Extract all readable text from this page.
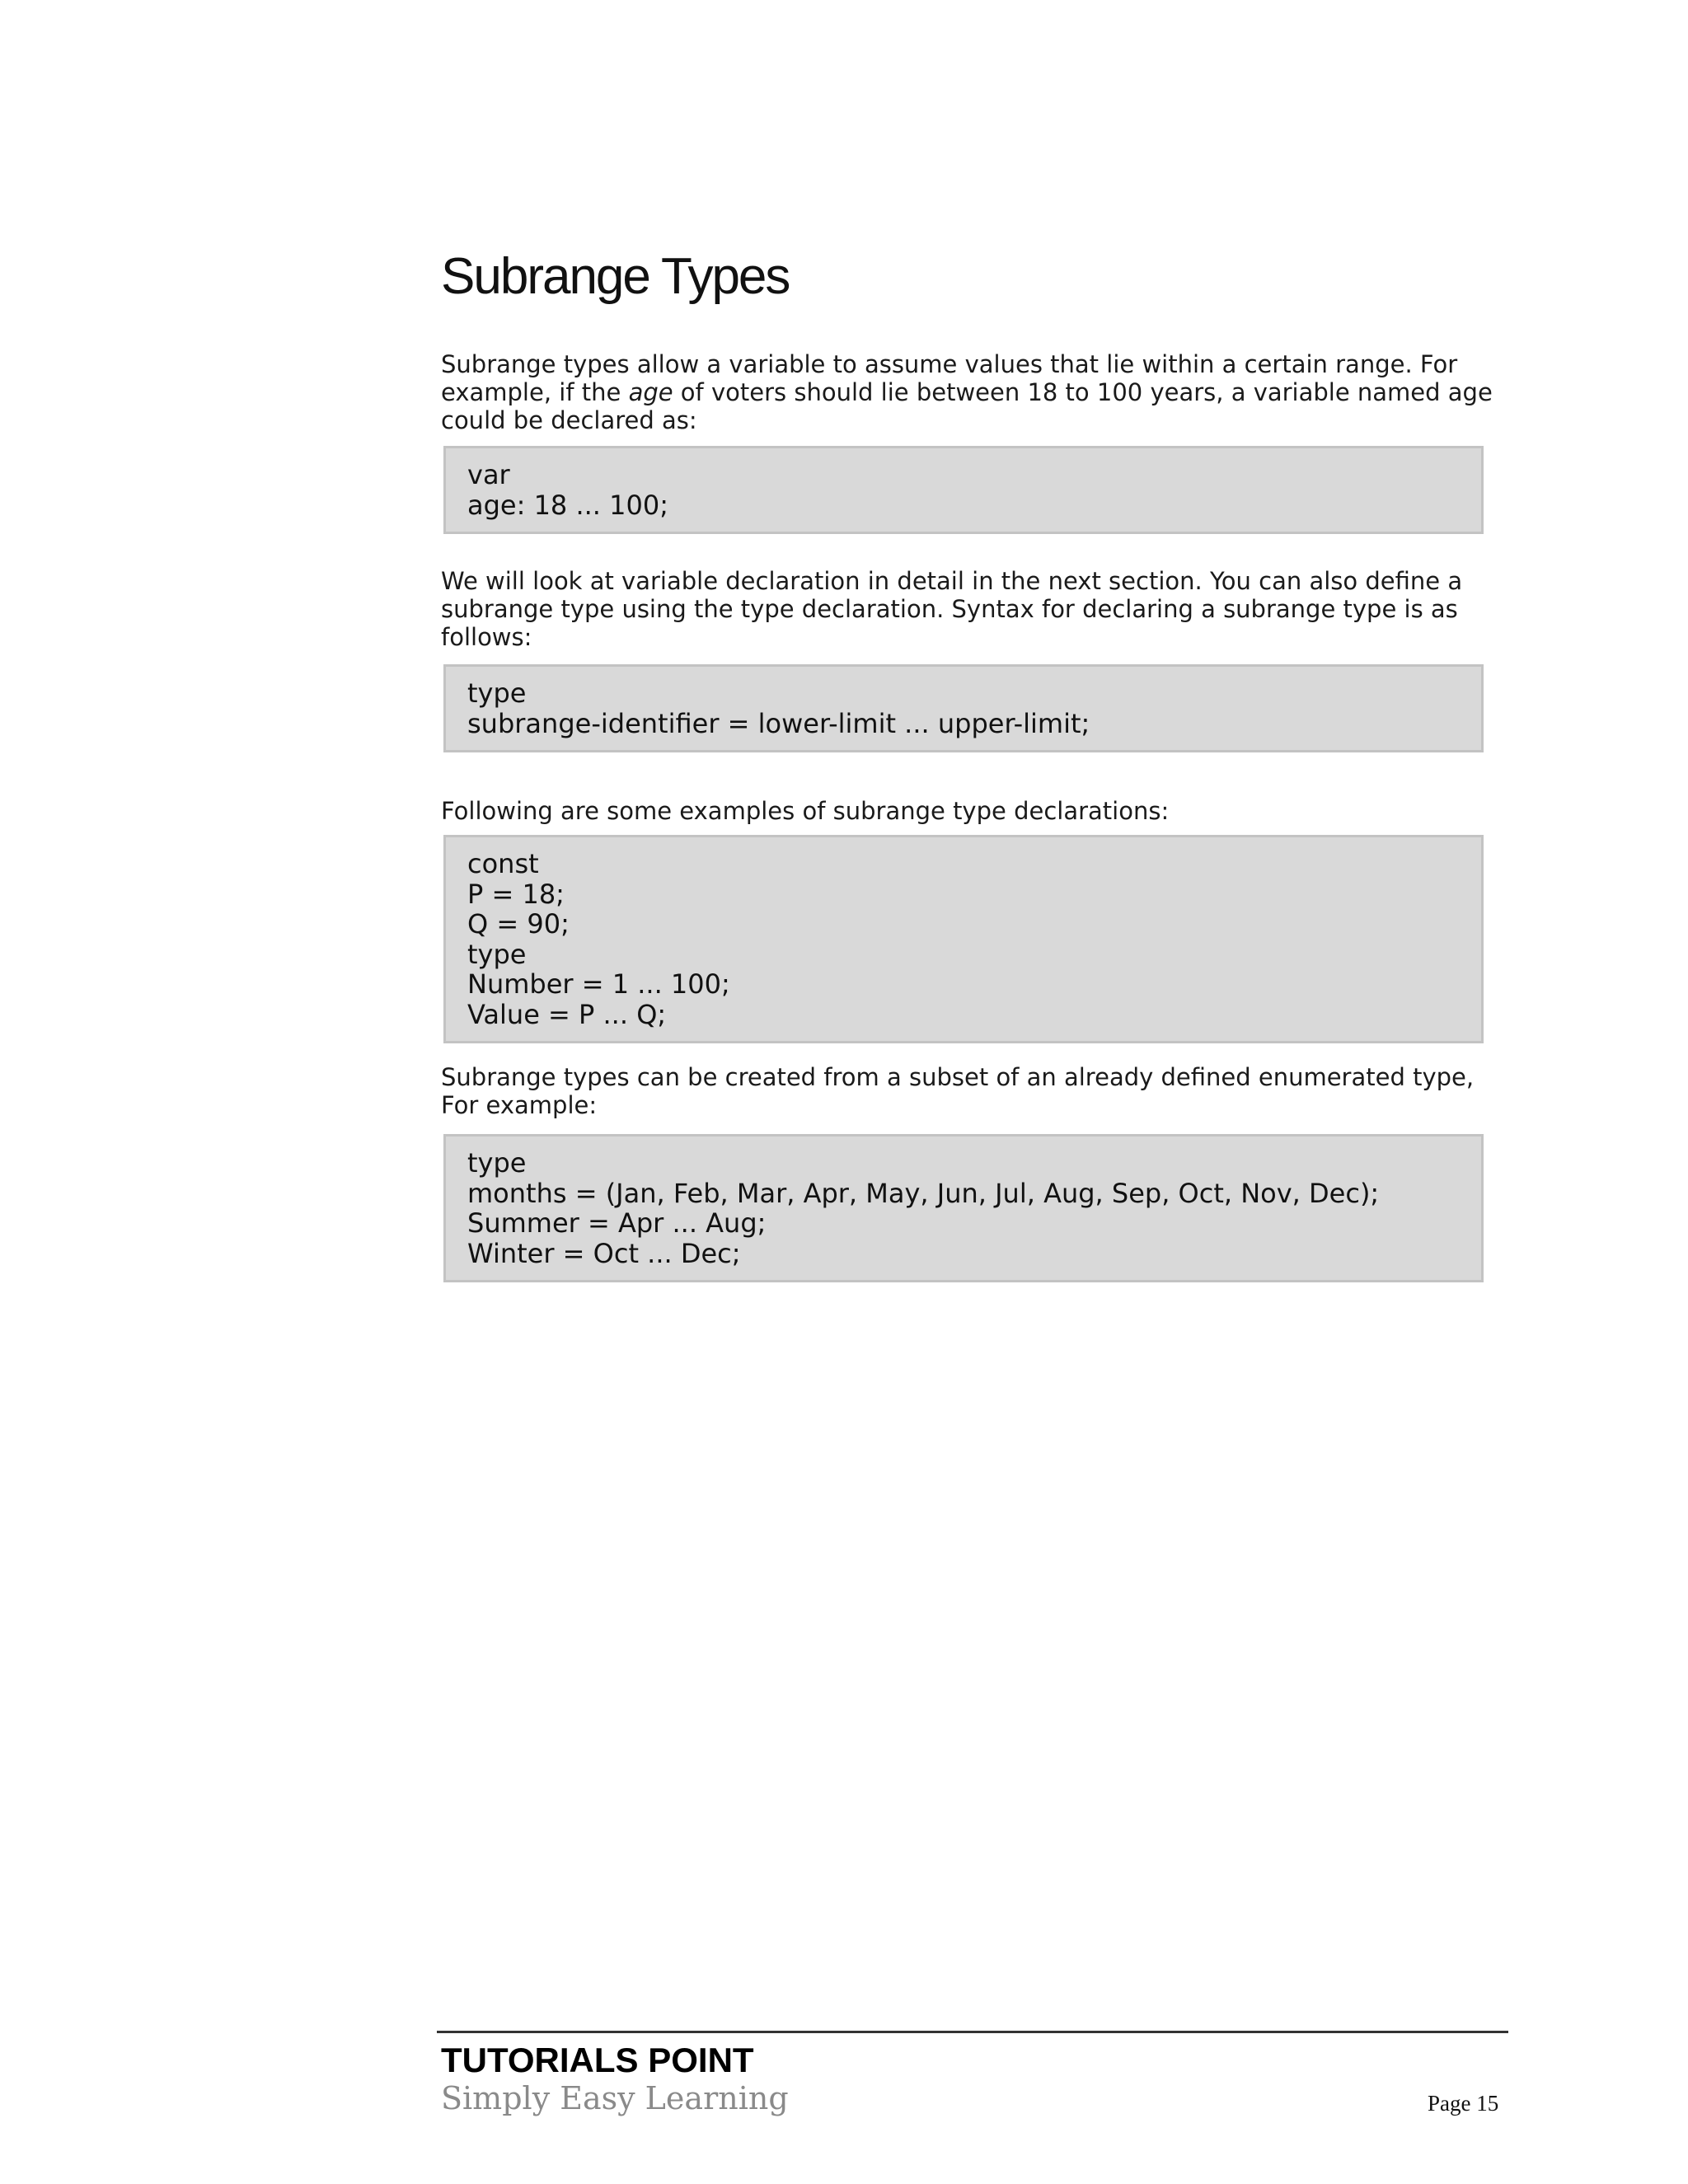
Subrange Types

Subrange types allow a variable to assume values that lie within a certain range. For example, if the age of voters should lie between 18 to 100 years, a variable named age could be declared as:

var
age: 18 ... 100;

We will look at variable declaration in detail in the next section. You can also define a subrange type using the type declaration. Syntax for declaring a subrange type is as follows:

type
subrange-identifier = lower-limit ... upper-limit;

Following are some examples of subrange type declarations:

const
P = 18;
Q = 90;
type
Number = 1 ... 100;
Value = P ... Q;

Subrange types can be created from a subset of an already defined enumerated type, For example:

type
months = (Jan, Feb, Mar, Apr, May, Jun, Jul, Aug, Sep, Oct, Nov, Dec);
Summer = Apr ... Aug;
Winter = Oct ... Dec;
TUTORIALS POINT
Simply Easy Learning	Page 15
